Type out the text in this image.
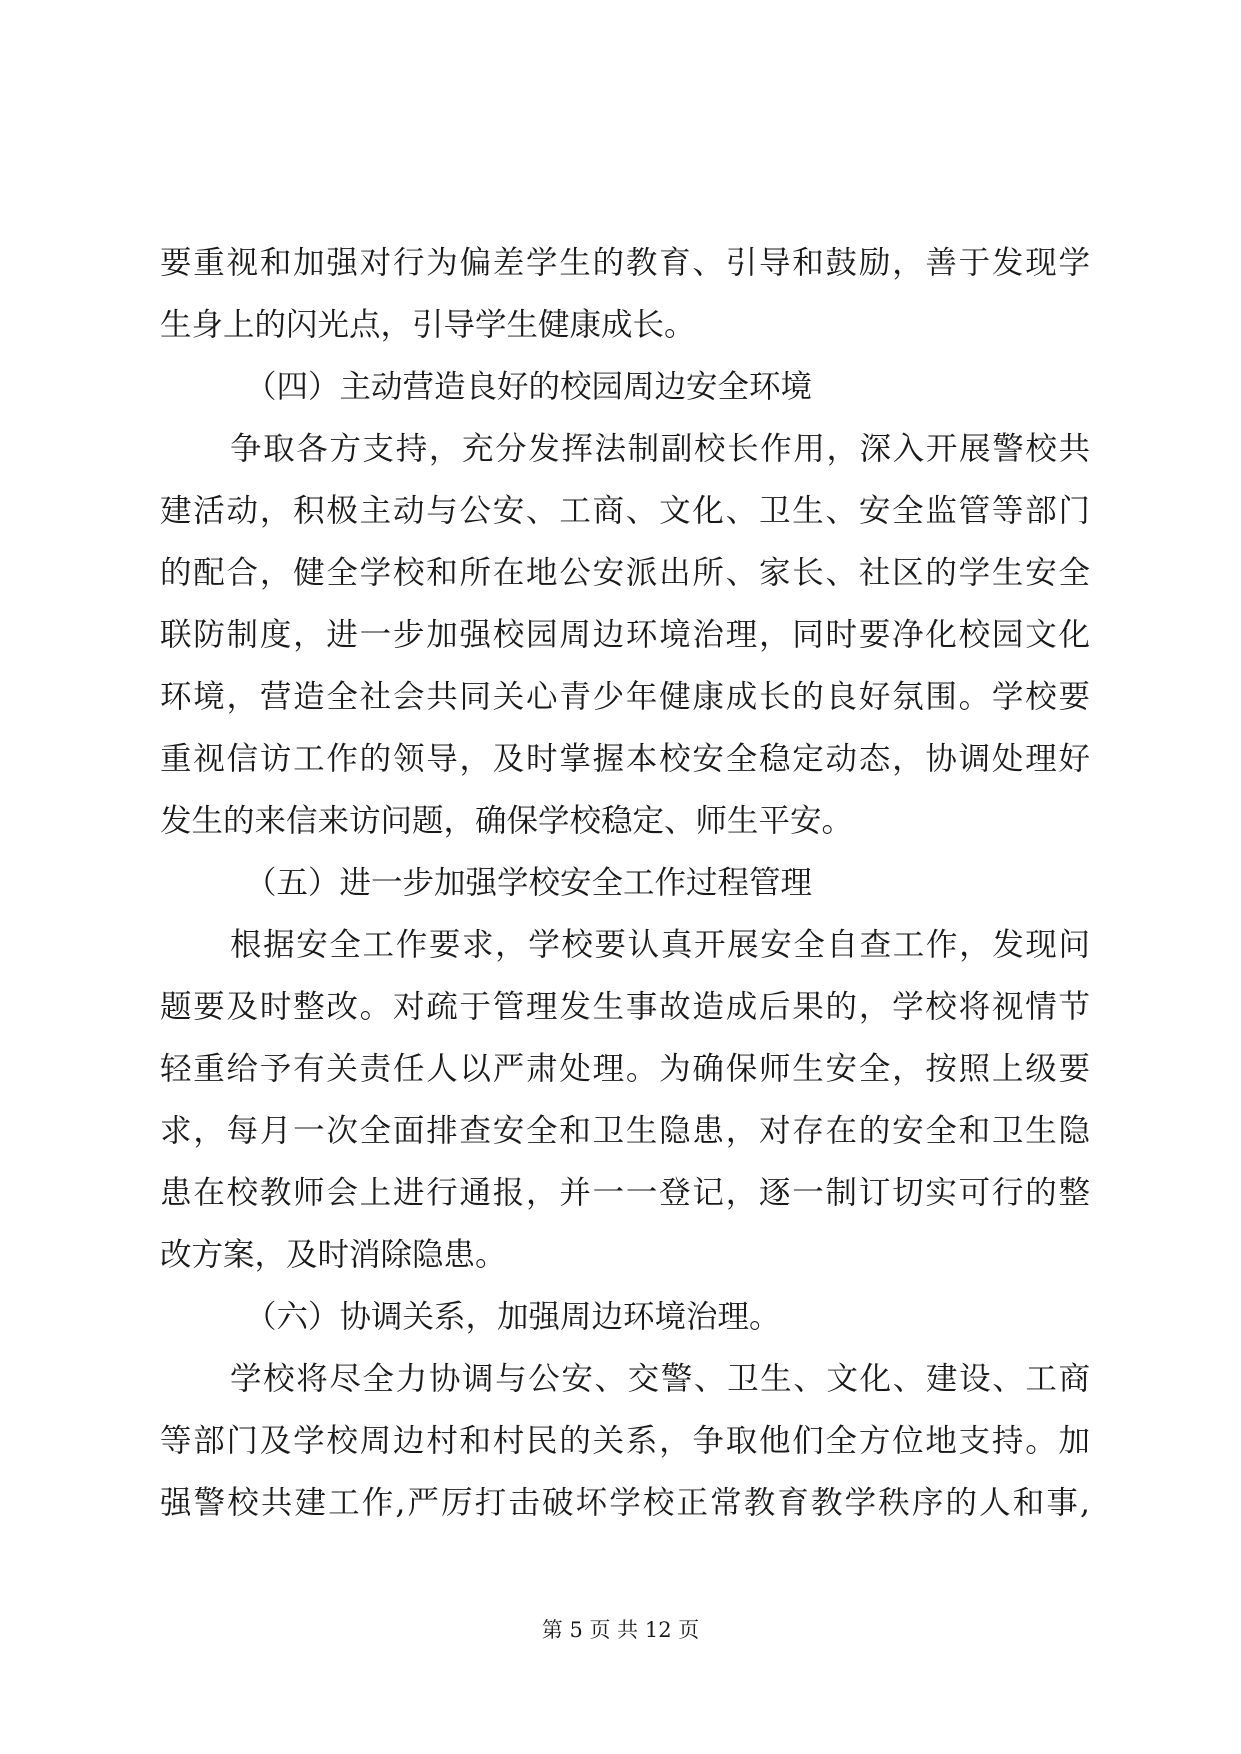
要重视和加强对行为偏差学生的教育、引导和鼓励，善于发现学
生身上的闪光点，引导学生健康成长。
（四）主动营造良好的校园周边安全环境
争取各方支持，充分发挥法制副校长作用，深入开展警校共
建活动，积极主动与公安、工商、文化、卫生、安全监管等部门
的配合，健全学校和所在地公安派出所、家长、社区的学生安全
联防制度，进一步加强校园周边环境治理，同时要净化校园文化
环境，营造全社会共同关心青少年健康成长的良好氛围。学校要
重视信访工作的领导，及时掌握本校安全稳定动态，协调处理好
发生的来信来访问题，确保学校稳定、师生平安。
（五）进一步加强学校安全工作过程管理
根据安全工作要求，学校要认真开展安全自查工作，发现问
题要及时整改。对疏于管理发生事故造成后果的，学校将视情节
轻重给予有关责任人以严肃处理。为确保师生安全，按照上级要
求，每月一次全面排查安全和卫生隐患，对存在的安全和卫生隐
患在校教师会上进行通报，并一一登记，逐一制订切实可行的整
改方案，及时消除隐患。
（六）协调关系，加强周边环境治理。
学校将尽全力协调与公安、交警、卫生、文化、建设、工商
等部门及学校周边村和村民的关系，争取他们全方位地支持。加
强警校共建工作,严厉打击破坏学校正常教育教学秩序的人和事,
第 5 页 共 12 页
